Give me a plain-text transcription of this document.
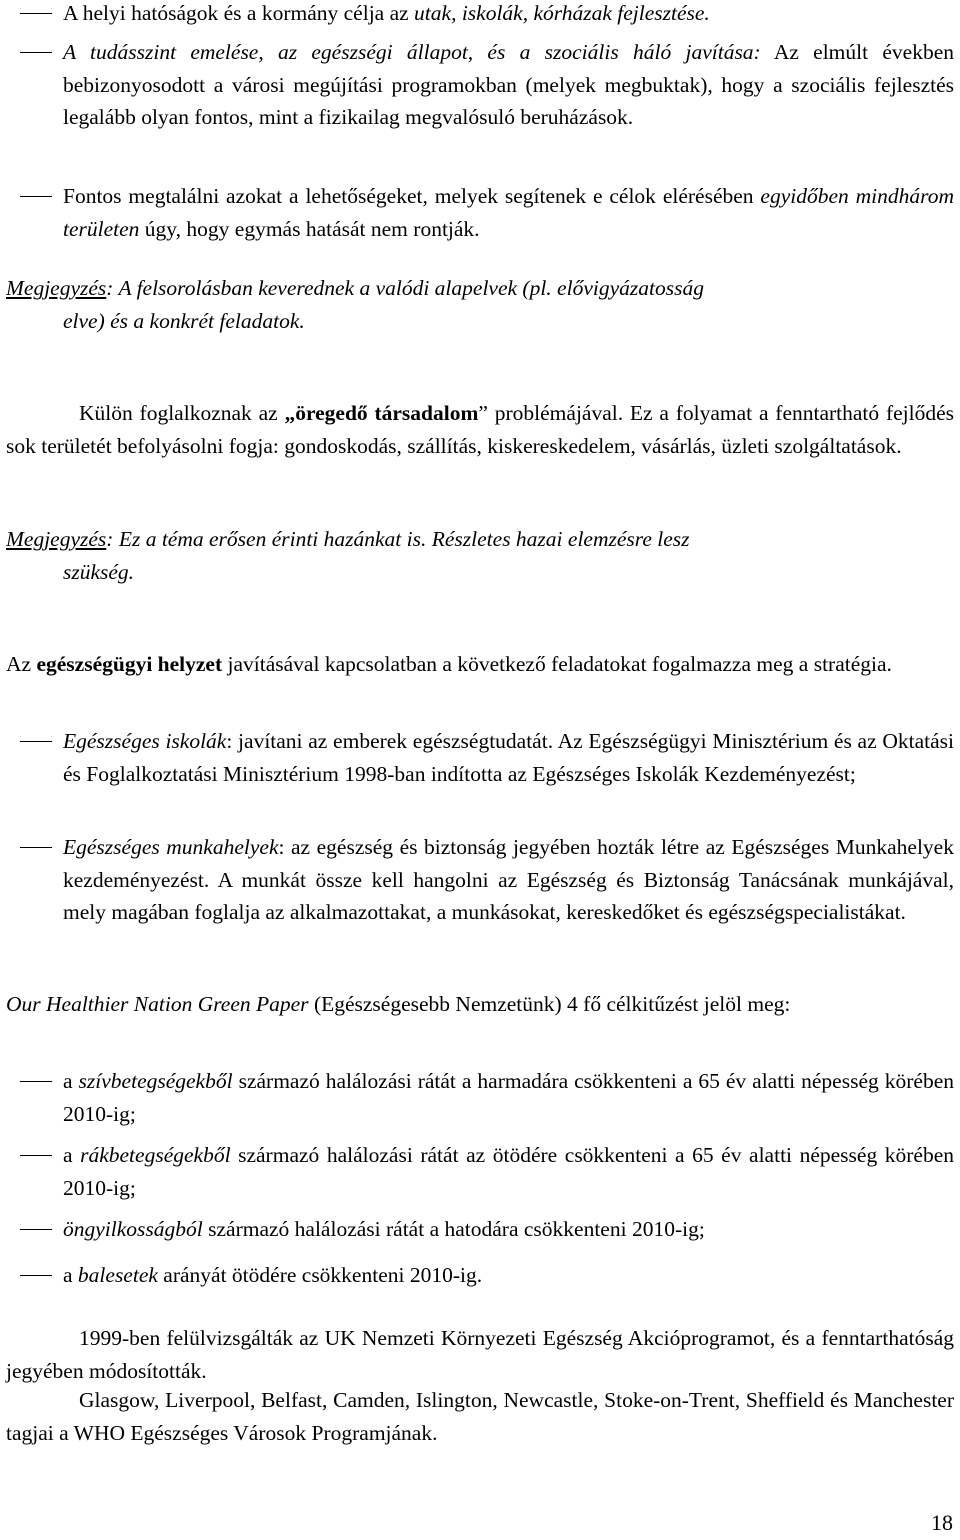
A helyi hatóságok és a kormány célja az utak, iskolák, kórházak fejlesztése.

A tudásszint emelése, az egészségi állapot, és a szociális háló javítása: Az elmúlt években bebizonyosodott a városi megújítási programokban (melyek megbuktak), hogy a szociális fejlesztés legalább olyan fontos, mint a fizikailag megvalósuló beruházások.

Fontos megtalálni azokat a lehetőségeket, melyek segítenek e célok elérésében egyidőben mindhárom területen úgy, hogy egymás hatását nem rontják.

Megjegyzés: A felsorolásban keverednek a valódi alapelvek (pl. elővigyázatosság
elve) és a konkrét feladatok.

Külön foglalkoznak az „öregedő társadalom” problémájával. Ez a folyamat a fenntartható fejlődés sok területét befolyásolni fogja: gondoskodás, szállítás, kiskereskedelem, vásárlás, üzleti szolgáltatások.

Megjegyzés: Ez a téma erősen érinti hazánkat is. Részletes hazai elemzésre lesz
szükség.

Az egészségügyi helyzet javításával kapcsolatban a következő feladatokat fogalmazza meg a stratégia.

Egészséges iskolák: javítani az emberek egészségtudatát. Az Egészségügyi Minisztérium és az Oktatási és Foglalkoztatási Minisztérium 1998-ban indította az Egészséges Iskolák Kezdeményezést;

Egészséges munkahelyek: az egészség és biztonság jegyében hozták létre az Egészséges Munkahelyek kezdeményezést. A munkát össze kell hangolni az Egészség és Biztonság Tanácsának munkájával, mely magában foglalja az alkalmazottakat, a munkásokat, kereskedőket és egészségspecialistákat.

Our Healthier Nation Green Paper (Egészségesebb Nemzetünk) 4 fő célkitűzést jelöl meg:

a szívbetegségekből származó halálozási rátát a harmadára csökkenteni a 65 év alatti népesség körében 2010-ig;

a rákbetegségekből származó halálozási rátát az ötödére csökkenteni a 65 év alatti népesség körében 2010-ig;

öngyilkosságból származó halálozási rátát a hatodára csökkenteni 2010-ig;

a balesetek arányát ötödére csökkenteni 2010-ig.

1999-ben felülvizsgálták az UK Nemzeti Környezeti Egészség Akcióprogramot, és a fenntarthatóság jegyében módosították.

Glasgow, Liverpool, Belfast, Camden, Islington, Newcastle, Stoke-on-Trent, Sheffield és Manchester tagjai a WHO Egészséges Városok Programjának.

18
